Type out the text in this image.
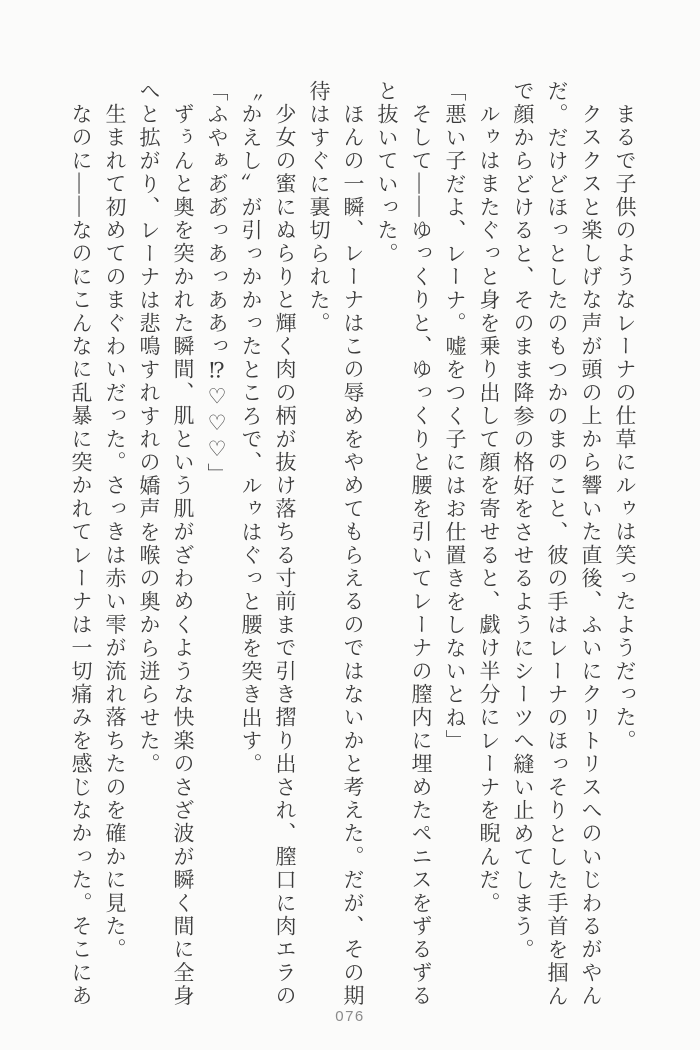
まるで子供のようなレーナの仕草にルゥは笑ったようだった。

クスクスと楽しげな声が頭の上から響いた直後、ふいにクリトリスへのいじわるがやんだ。だけどほっとしたのもつかのまのこと、彼の手はレーナのほっそりとした手首を掴んで顔からどけると、そのまま降参の格好をさせるようにシーツへ縫い止めてしまう。

ルゥはまたぐっと身を乗り出して顔を寄せると、戯け半分にレーナを睨んだ。

「悪い子だよ、レーナ。嘘をつく子にはお仕置きをしないとね」

そして――ゆっくりと、ゆっくりと腰を引いてレーナの膣内に埋めたペニスをずるずると抜いていった。

ほんの一瞬、レーナはこの辱めをやめてもらえるのではないかと考えた。だが、その期待はすぐに裏切られた。

少女の蜜にぬらりと輝く肉の柄が抜け落ちる寸前まで引き摺り出され、膣口に肉エラの〝かえし〟が引っかかったところで、ルゥはぐっと腰を突き出す。

「ふやぁあ゙あ゙っあっああっ⁉♡♡♡」

ずぅんと奥を突かれた瞬間、肌という肌がざわめくような快楽のさざ波が瞬く間に全身へと拡がり、レーナは悲鳴すれすれの嬌声を喉の奥から迸らせた。

生まれて初めてのまぐわいだった。さっきは赤い雫が流れ落ちたのを確かに見た。

なのに――なのにこんなに乱暴に突かれてレーナは一切痛みを感じなかった。そこにあ

076
